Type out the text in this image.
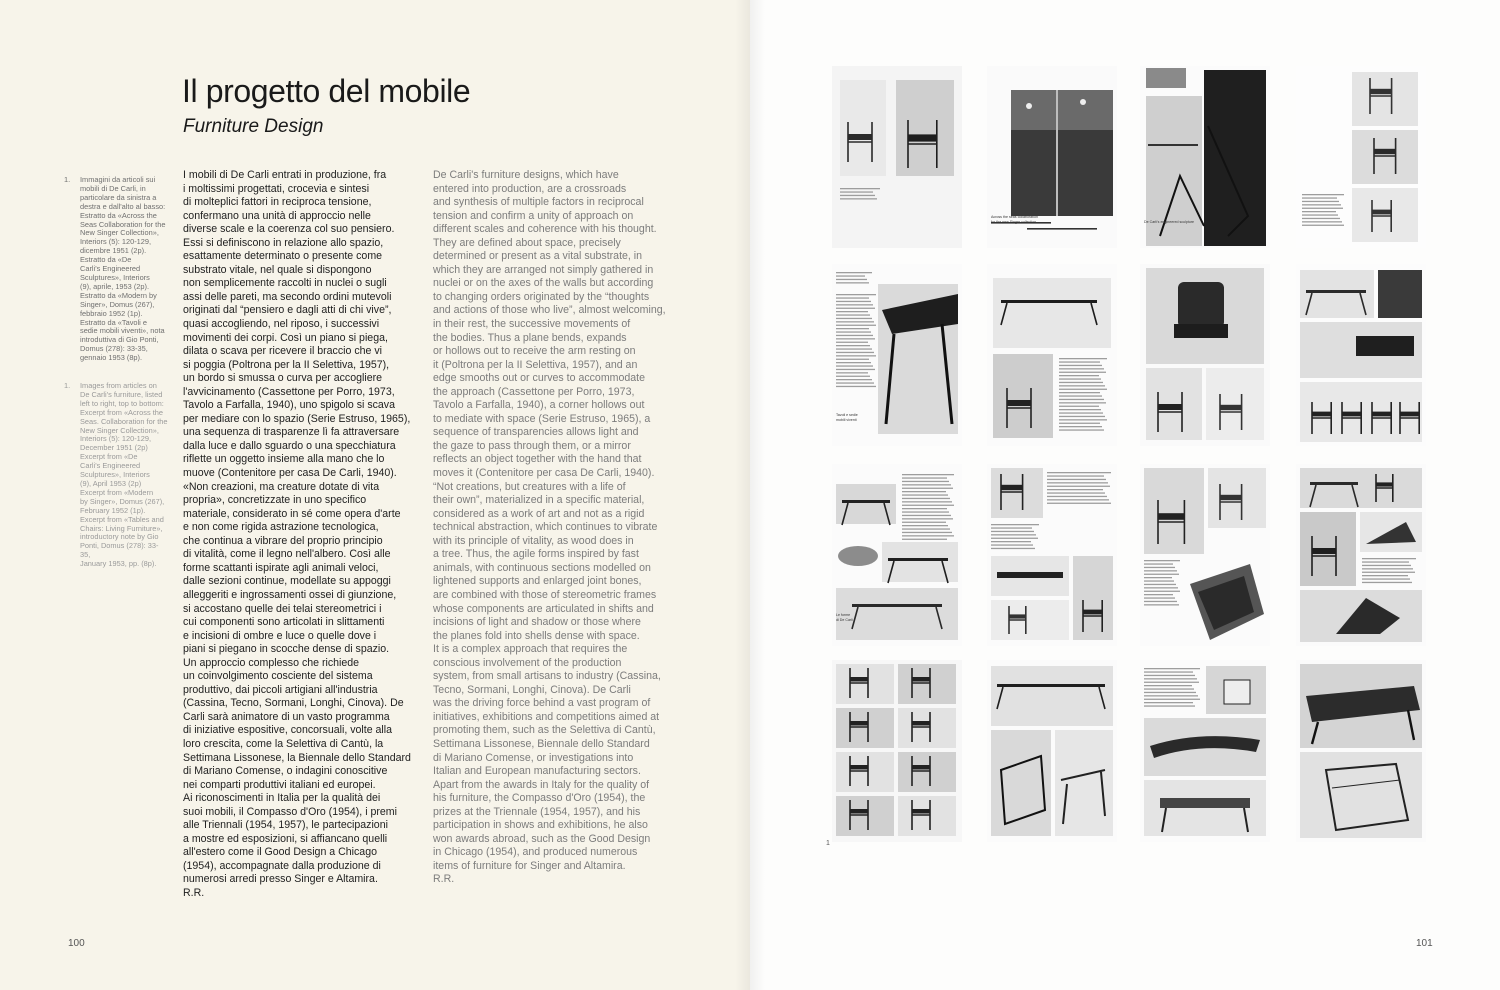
Il progetto del mobile
Furniture Design
1.	Immagini da articoli sui
mobili di De Carli, in
particolare da sinistra a
destra e dall'alto al basso:
Estratto da «Across the
Seas Collaboration for the
New Singer Collection»,
Interiors (5): 120-129,
dicembre 1951 (2p).
Estratto da «De
Carli's Engineered
Sculptures», Interiors
(9), aprile, 1953 (2p).
Estratto da «Modern by
Singer», Domus (267),
febbraio 1952 (1p).
Estratto da «Tavoli e
sedie mobili viventi», nota
introduttiva di Gio Ponti,
Domus (278): 33-35,
gennaio 1953 (8p).
1.	Images from articles on
De Carli's furniture, listed
left to right, top to bottom:
Excerpt from «Across the
Seas. Collaboration for the
New Singer Collection»,
Interiors (5): 120-129,
December 1951 (2p)
Excerpt from «De
Carli's Engineered
Sculptures», Interiors
(9), April 1953 (2p)
Excerpt from «Modern
by Singer», Domus (267),
February 1952 (1p).
Excerpt from «Tables and
Chairs: Living Furniture»,
introductory note by Gio
Ponti, Domus (278): 33-35,
January 1953, pp. (8p).
I mobili di De Carli entrati in produzione, fra
i moltissimi progettati, crocevia e sintesi
di molteplici fattori in reciproca tensione,
confermano una unità di approccio nelle
diverse scale e la coerenza col suo pensiero.
Essi si definiscono in relazione allo spazio,
esattamente determinato o presente come
substrato vitale, nel quale si dispongono
non semplicemente raccolti in nuclei o sugli
assi delle pareti, ma secondo ordini mutevoli
originati dal “pensiero e dagli atti di chi vive”,
quasi accogliendo, nel riposo, i successivi
movimenti dei corpi. Così un piano si piega,
dilata o scava per ricevere il braccio che vi
si poggia (Poltrona per la II Selettiva, 1957),
un bordo si smussa o curva per accogliere
l'avvicinamento (Cassettone per Porro, 1973,
Tavolo a Farfalla, 1940), uno spigolo si scava
per mediare con lo spazio (Serie Estruso, 1965),
una sequenza di trasparenze lì fa attraversare
dalla luce e dallo sguardo o una specchiatura
riflette un oggetto insieme alla mano che lo
muove (Contenitore per casa De Carli, 1940).
«Non creazioni, ma creature dotate di vita
propria», concretizzate in uno specifico
materiale, considerato in sé come opera d'arte
e non come rigida astrazione tecnologica,
che continua a vibrare del proprio principio
di vitalità, come il legno nell'albero. Così alle
forme scattanti ispirate agli animali veloci,
dalle sezioni continue, modellate su appoggi
alleggeriti e ingrossamenti ossei di giunzione,
si accostano quelle dei telai stereometrici i
cui componenti sono articolati in slittamenti
e incisioni di ombre e luce o quelle dove i
piani si piegano in scocche dense di spazio.
Un approccio complesso che richiede
un coinvolgimento cosciente del sistema
produttivo, dai piccoli artigiani all'industria
(Cassina, Tecno, Sormani, Longhi, Cinova). De
Carli sarà animatore di un vasto programma
di iniziative espositive, concorsuali, volte alla
loro crescita, come la Selettiva di Cantù, la
Settimana Lissonese, la Biennale dello Standard
di Mariano Comense, o indagini conoscitive
nei comparti produttivi italiani ed europei.
Ai riconoscimenti in Italia per la qualità dei
suoi mobili, il Compasso d'Oro (1954), i premi
alle Triennali (1954, 1957), le partecipazioni
a mostre ed esposizioni, si affiancano quelli
all'estero come il Good Design a Chicago
(1954), accompagnate dalla produzione di
numerosi arredi presso Singer e Altamira.
R.R.
De Carli's furniture designs, which have
entered into production, are a crossroads
and synthesis of multiple factors in reciprocal
tension and confirm a unity of approach on
different scales and coherence with his thought.
They are defined about space, precisely
determined or present as a vital substrate, in
which they are arranged not simply gathered in
nuclei or on the axes of the walls but according
to changing orders originated by the “thoughts
and actions of those who live”, almost welcoming,
in their rest, the successive movements of
the bodies. Thus a plane bends, expands
or hollows out to receive the arm resting on
it (Poltrona per la II Selettiva, 1957), and an
edge smooths out or curves to accommodate
the approach (Cassettone per Porro, 1973,
Tavolo a Farfalla, 1940), a corner hollows out
to mediate with space (Serie Estruso, 1965), a
sequence of transparencies allows light and
the gaze to pass through them, or a mirror
reflects an object together with the hand that
moves it (Contenitore per casa De Carli, 1940).
“Not creations, but creatures with a life of
their own”, materialized in a specific material,
considered as a work of art and not as a rigid
technical abstraction, which continues to vibrate
with its principle of vitality, as wood does in
a tree. Thus, the agile forms inspired by fast
animals, with continuous sections modelled on
lightened supports and enlarged joint bones,
are combined with those of stereometric frames
whose components are articulated in shifts and
incisions of light and shadow or those where
the planes fold into shells dense with space.
It is a complex approach that requires the
conscious involvement of the production
system, from small artisans to industry (Cassina,
Tecno, Sormani, Longhi, Cinova). De Carli
was the driving force behind a vast program of
initiatives, exhibitions and competitions aimed at
promoting them, such as the Selettiva di Cantù,
Settimana Lissonese, Biennale dello Standard
di Mariano Comense, or investigations into
Italian and European manufacturing sectors.
Apart from the awards in Italy for the quality of
his furniture, the Compasso d'Oro (1954), the
prizes at the Triennale (1954, 1957), and his
participation in shows and exhibitions, he also
won awards abroad, such as the Good Design
in Chicago (1954), and produced numerous
items of furniture for Singer and Altamira.
R.R.
100	101
1
Across the seas collaboration
for the new Singer collection	De Carli's engineered sculpture
Tavoli e sedie
mobili viventi
Le forme
di De Carli
